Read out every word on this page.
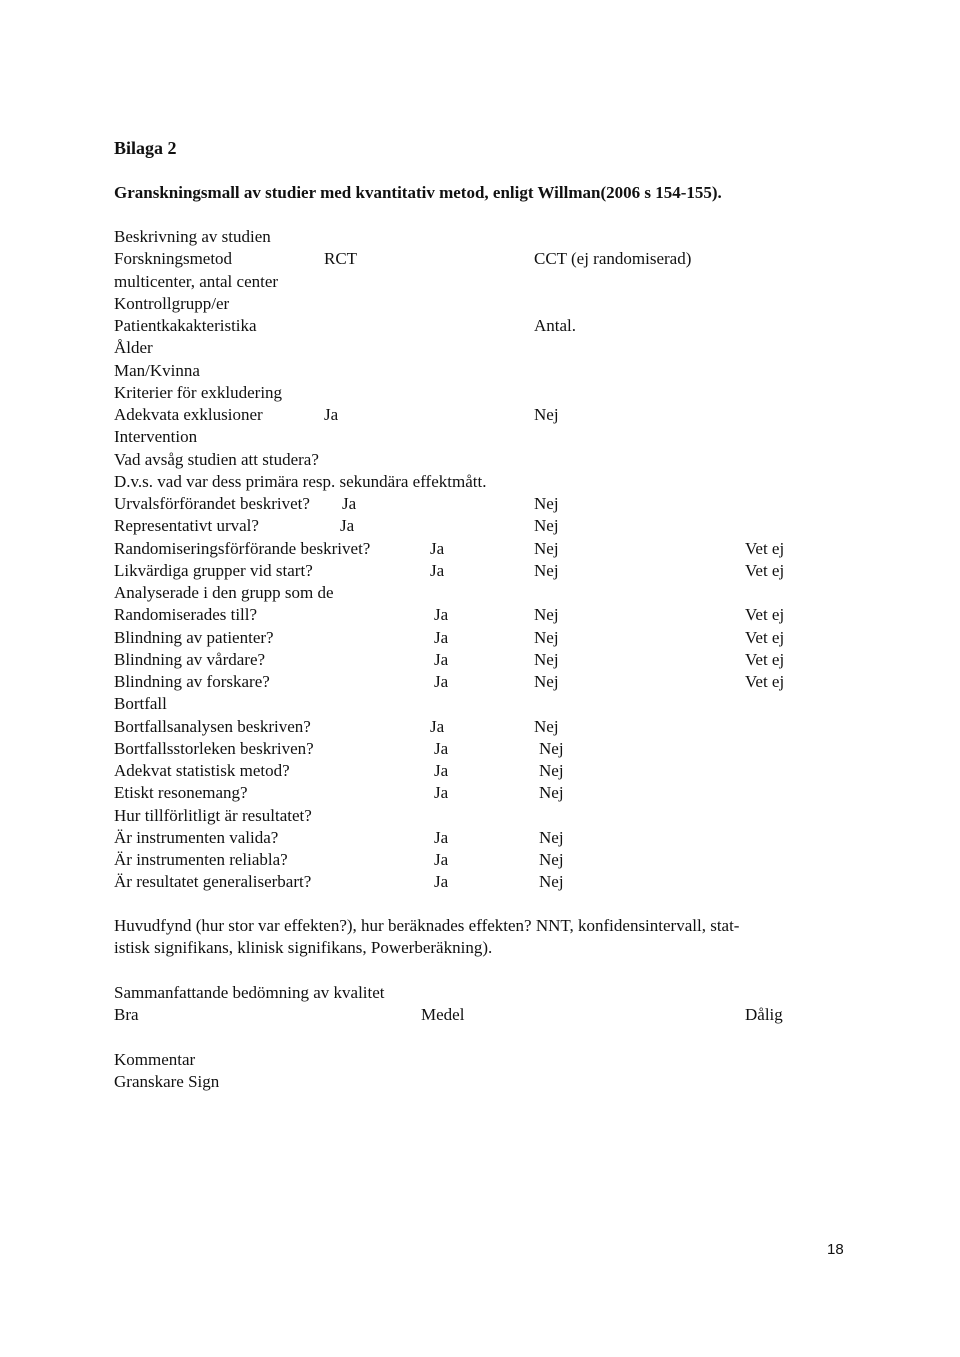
Bilaga 2
Granskningsmall av studier med kvantitativ metod, enligt Willman(2006 s 154-155).
Beskrivning av studien
Forskningsmetod	RCT	CCT (ej randomiserad)
multicenter, antal center
Kontrollgrupp/er
Patientkakakteristika	Antal.
Ålder
Man/Kvinna
Kriterier för exkludering
Adekvata exklusioner	Ja	Nej
Intervention
Vad avsåg studien att studera?
D.v.s. vad var dess primära resp. sekundära effektmått.
Urvalsförförandet beskrivet? Ja	Nej
Representativt urval?	Ja	Nej
Randomiseringsförförande beskrivet?	Ja	Nej	Vet ej
Likvärdiga grupper vid start?	Ja	Nej	Vet ej
Analyserade i den grupp som de
Randomiserades till?	Ja	Nej	Vet ej
Blindning av patienter?	Ja	Nej	Vet ej
Blindning av vårdare?	Ja	Nej	Vet ej
Blindning av forskare?	Ja	Nej	Vet ej
Bortfall
Bortfallsanalysen beskriven?	Ja	Nej
Bortfallsstorleken beskriven?	Ja	Nej
Adekvat statistisk metod?	Ja	Nej
Etiskt resonemang?	Ja	Nej
Hur tillförlitligt är resultatet?
Är instrumenten valida?	Ja	Nej
Är instrumenten reliabla?	Ja	Nej
Är resultatet generaliserbart?	Ja	Nej
Huvudfynd (hur stor var effekten?), hur beräknades effekten? NNT, konfidensintervall, stat-
istisk signifikans, klinisk signifikans, Powerberäkning).
Sammanfattande bedömning av kvalitet
Bra	Medel	Dålig
Kommentar
Granskare Sign
18
